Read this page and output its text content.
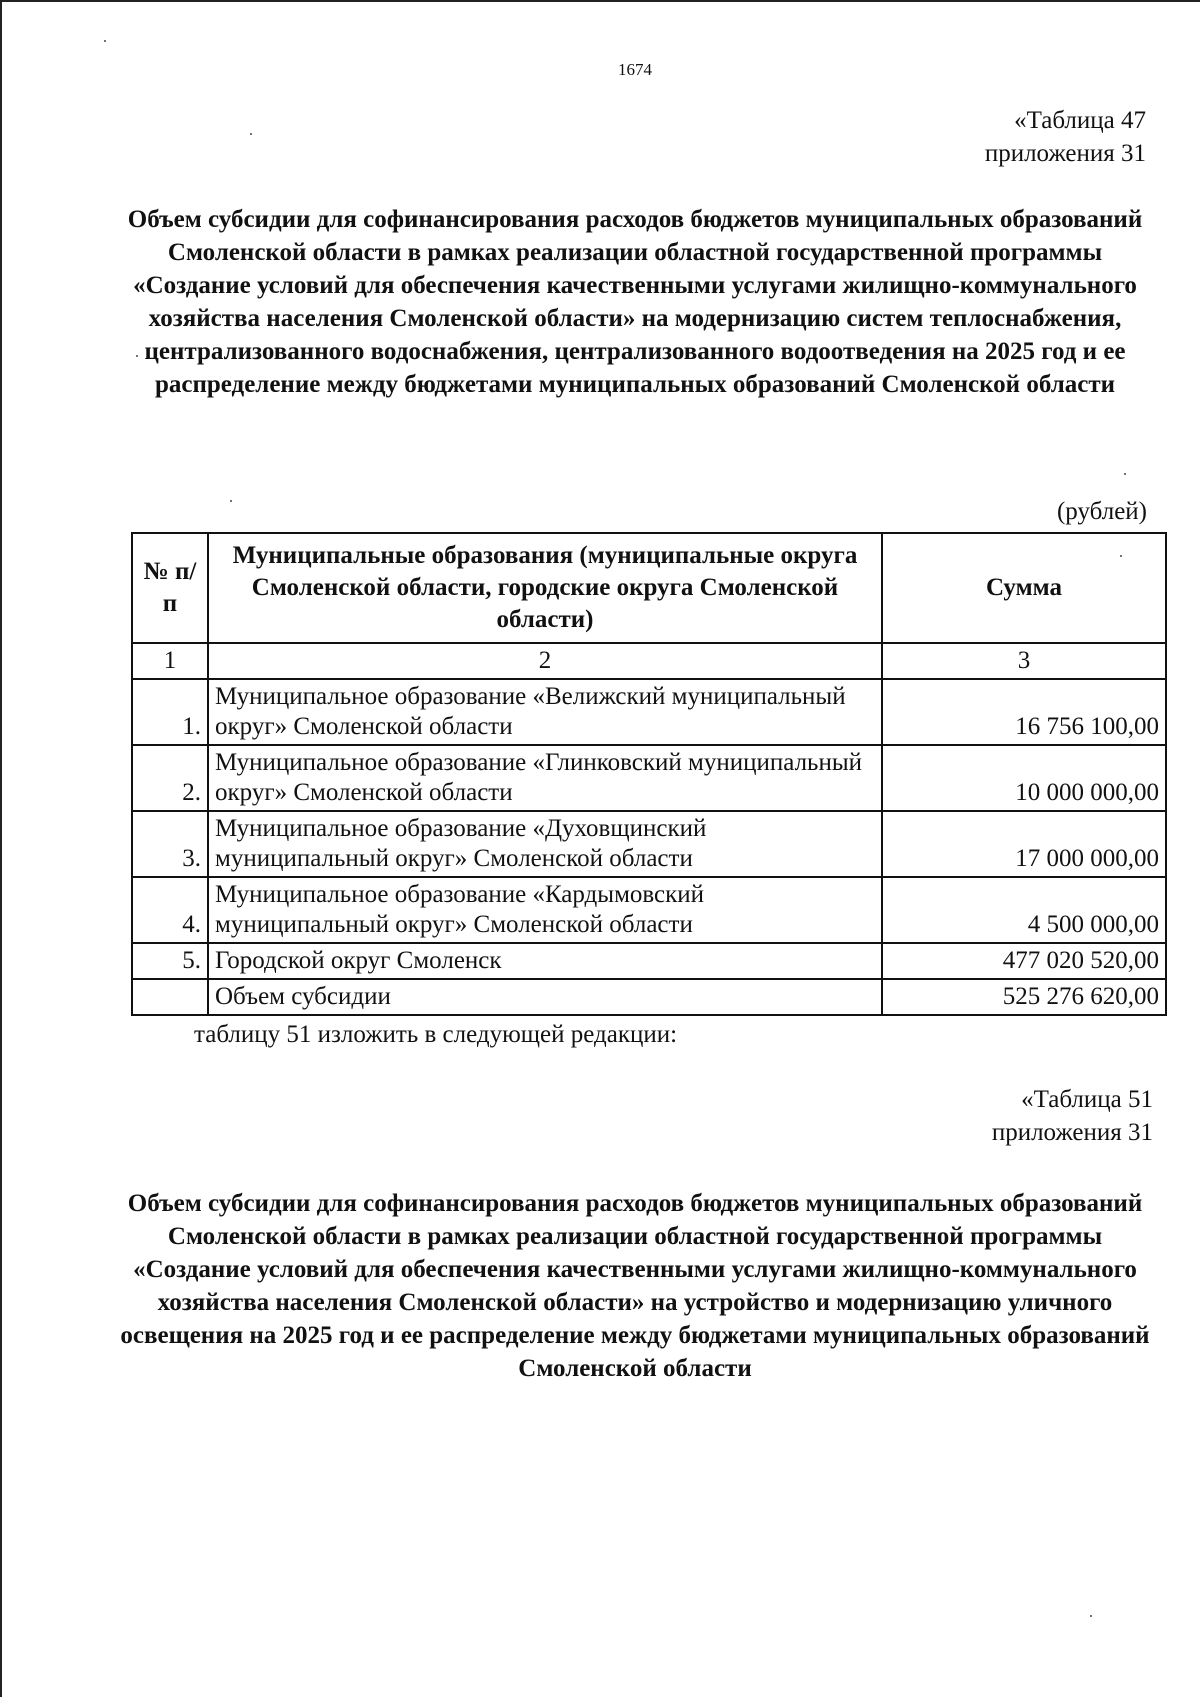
1674
«Таблица 47
приложения 31
Объем субсидии для софинансирования расходов бюджетов муниципальных образований Смоленской области в рамках реализации областной государственной программы «Создание условий для обеспечения качественными услугами жилищно-коммунального хозяйства населения Смоленской области» на модернизацию систем теплоснабжения, централизованного водоснабжения, централизованного водоотведения на 2025 год и ее распределение между бюджетами муниципальных образований Смоленской области
(рублей)
№ п/п	Муниципальные образования (муниципальные округа Смоленской области, городские округа Смоленской области)	Сумма
1	2	3
1.	Муниципальное образование «Велижский муниципальный округ» Смоленской области	16 756 100,00
2.	Муниципальное образование «Глинковский муниципальный округ» Смоленской области	10 000 000,00
3.	Муниципальное образование «Духовщинский муниципальный округ» Смоленской области	17 000 000,00
4.	Муниципальное образование «Кардымовский муниципальный округ» Смоленской области	4 500 000,00
5.	Городской округ Смоленск	477 020 520,00
	Объем субсидии	525 276 620,00
таблицу 51 изложить в следующей редакции:
«Таблица 51
приложения 31
Объем субсидии для софинансирования расходов бюджетов муниципальных образований Смоленской области в рамках реализации областной государственной программы «Создание условий для обеспечения качественными услугами жилищно-коммунального хозяйства населения Смоленской области» на устройство и модернизацию уличного освещения на 2025 год и ее распределение между бюджетами муниципальных образований Смоленской области
